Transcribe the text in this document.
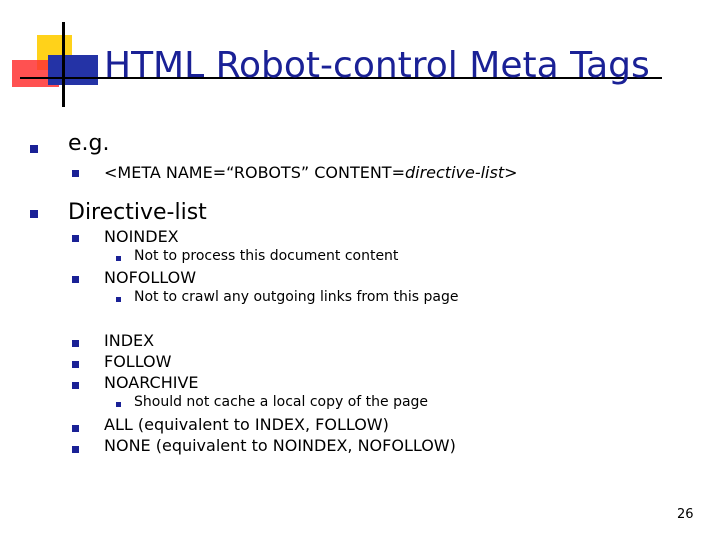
HTML Robot-control Meta Tags
e.g.
<META NAME=“ROBOTS” CONTENT=directive-list>
Directive-list
NOINDEX
Not to process this document content
NOFOLLOW
Not to crawl any outgoing links from this page
INDEX
FOLLOW
NOARCHIVE
Should not cache a local copy of the page
ALL (equivalent to INDEX, FOLLOW)
NONE (equivalent to NOINDEX, NOFOLLOW)
26
